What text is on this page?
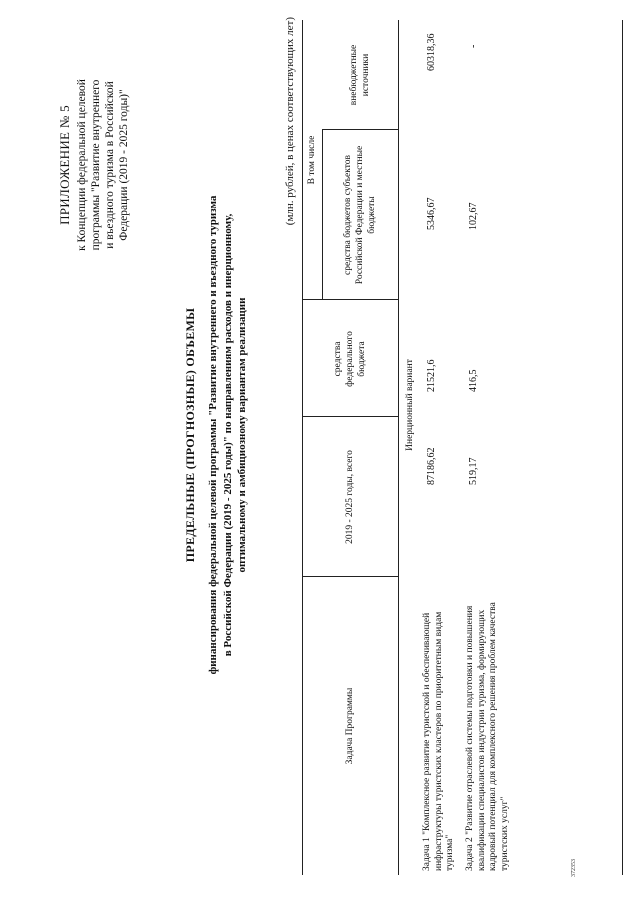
372353
ПРИЛОЖЕНИЕ № 5
к Концепции федеральной целевой
программы "Развитие внутреннего
и въездного туризма в Российской
Федерации (2019 - 2025 годы)"
ПРЕДЕЛЬНЫЕ (ПРОГНОЗНЫЕ) ОБЪЕМЫ
финансирования федеральной целевой программы "Развитие внутреннего и въездного туризма
в Российской Федерации (2019 - 2025 годы)" по направлениям расходов и инерционному,
оптимальному и амбициозному вариантам реализации
(млн. рублей, в ценах соответствующих лет)
Задача Программы
2019 - 2025 годы, всего
средства федерального бюджета
В том числе	средства бюджетов субъектов Российской Федерации и местные бюджеты
внебюджетные источники
Инерционный вариант
Задача 1 "Комплексное развитие туристской и обеспечивающей инфраструктуры туристских кластеров по приоритетным видам туризма"
87186,62
21521,6
5346,67
60318,36
Задача 2 "Развитие отраслевой системы подготовки и повышения квалификации специалистов индустрии туризма, формирующих кадровый потенциал для комплексного решения проблем качества туристских услуг"
519,17
416,5
102,67
-
